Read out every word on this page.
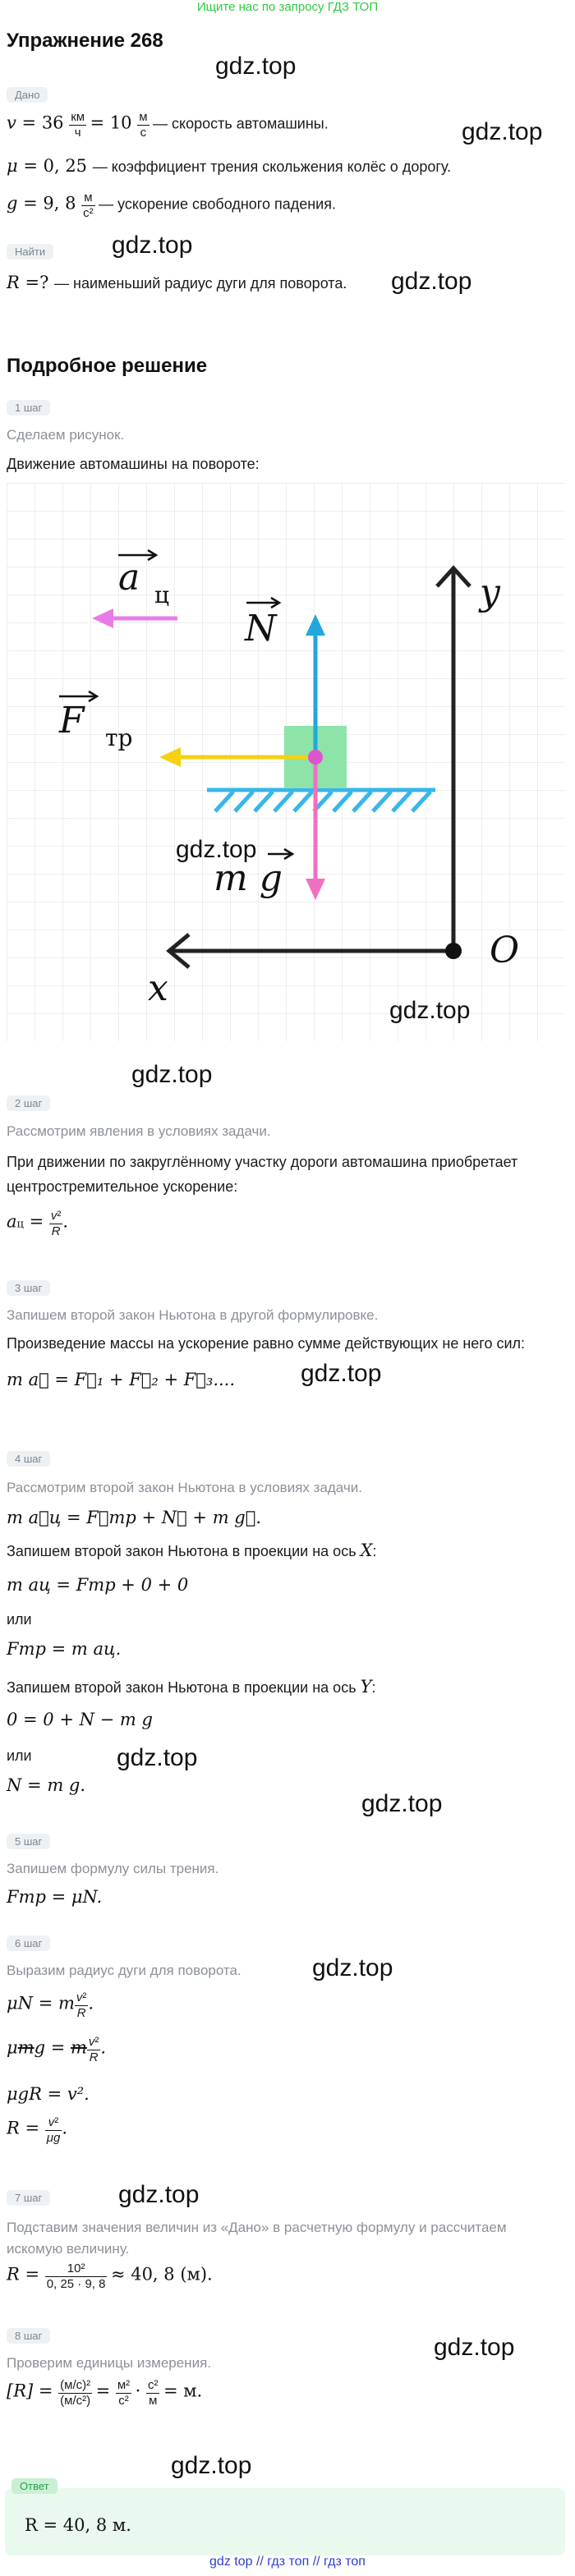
Ищите нас по запросу ГДЗ ТОП
Упражнение 268
Дано
$v = 36 \frac{км}{ч} = 10 \frac{м}{с}$ — скорость автомашины.
μ = 0, 25 — коэффициент трения скольжения колёс о дорогу.
g = 9, $8 \frac{м}{\text{с²}}$ — ускорение свободного падения.
Найти
R =? — наименьший радиус дуги для поворота.
gdz.top
gdz.top
gdz.top
gdz.top
gdz.top
gdz.top
gdz.top
gdz.top
gdz.top
gdz.top
gdz.top
gdz.top
Подробное решение
1 шаг
Сделаем рисунок.
Движение автомашины на повороте:
a ц
N
F тр
m g
y
x
O
gdz.top
gdz.top
2 шаг
Рассмотрим явления в условиях задачи.
При движении по закруглённому участку дороги автомашина приобретает центростремительное ускорение:
aц = $\frac{\text{v²}}{R}$ .
3 шаг
Запишем второй закон Ньютона в другой формулировке.
Произведение массы на ускорение равно сумме действующих не него сил:
m a⃗ = F⃗₁ + F⃗₂ + F⃗₃....
4 шаг
Рассмотрим второй закон Ньютона в условиях задачи.
m a⃗ц = F⃗тр + N⃗ + m g⃗.
Запишем второй закон Ньютона в проекции на ось X:
m aц = Fтр + 0 + 0
или
Fтр = m aц.
Запишем второй закон Ньютона в проекции на ось Y:
0 = 0 + N − m g
или
N = m g.
5 шаг
Запишем формулу силы трения.
Fтр = μN.
6 шаг
Выразим радиус дуги для поворота.
μN = m $\frac{\text{v²}}{R}$ .
μmg = m $\frac{\text{v²}}{R}$ .
μgR = v².
$R = \frac{\text{v²}}{\mu g}$ .
7 шаг
Подставим значения величин из «Дано» в расчетную формулу и рассчитаем искомую величину.
$R = \frac{\text{10²}}{0, 25 \cdot 9, 8} \approx 40$, 8 (м).
8 шаг
Проверим единицы измерения.
$[R] = \frac{\text{(м/с)²}}{\text{(м/с²)}} = \frac{\text{м²}}{\text{с²}} \cdot \frac{\text{с²}}{м} = м$.
Ответ
R = 40, 8 м.
gdz top // гдз топ // гдз топ
